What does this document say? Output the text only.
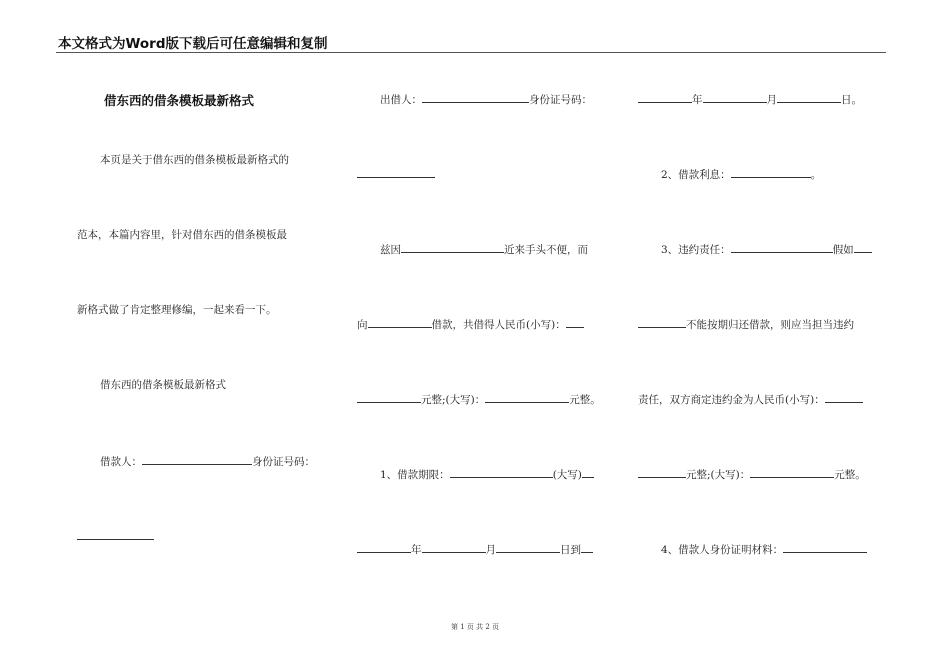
本文格式为Word版下载后可任意编辑和复制
借东西的借条模板最新格式
本页是关于借东西的借条模板最新格式的
范本，本篇内容里，针对借东西的借条模板最
新格式做了肯定整理修编，一起来看一下。
借东西的借条模板最新格式
借款人：	身份证号码：
出借人：	身份证号码：
兹因	近来手头不便，而
向	借款，共借得人民币(小写)：
元整;(大写)：	元整。
1、借款期限：	(大写)
年	月	日到
年	月	日。
2、借款利息：	。
3、违约责任：	假如
不能按期归还借款，则应当担当违约
责任，双方商定违约金为人民币(小写)：
元整;(大写)：	元整。
4、借款人身份证明材料：
第 1 页 共 2 页
